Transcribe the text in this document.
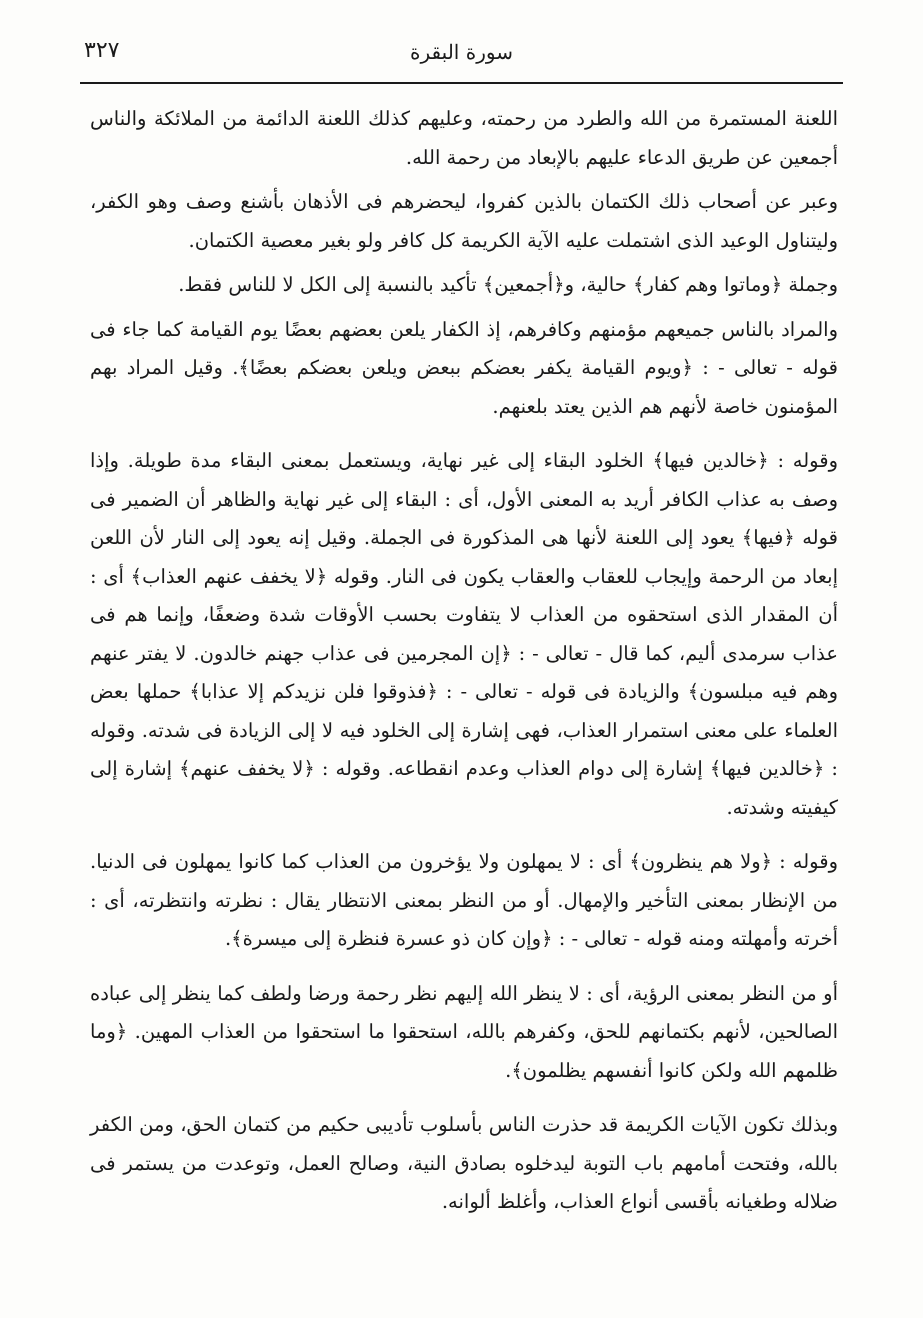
٣٢٧	سورة البقرة

اللعنة المستمرة من الله والطرد من رحمته، وعليهم كذلك اللعنة الدائمة من الملائكة والناس أجمعين عن طريق الدعاء عليهم بالإبعاد من رحمة الله.

وعبر عن أصحاب ذلك الكتمان بالذين كفروا، ليحضرهم فى الأذهان بأشنع وصف وهو الكفر، وليتناول الوعيد الذى اشتملت عليه الآية الكريمة كل كافر ولو بغير معصية الكتمان.

وجملة ﴿وماتوا وهم كفار﴾ حالية، و﴿أجمعين﴾ تأكيد بالنسبة إلى الكل لا للناس فقط.

والمراد بالناس جميعهم مؤمنهم وكافرهم، إذ الكفار يلعن بعضهم بعضًا يوم القيامة كما جاء فى قوله - تعالى - : ﴿ويوم القيامة يكفر بعضكم ببعض ويلعن بعضكم بعضًا﴾. وقيل المراد بهم المؤمنون خاصة لأنهم هم الذين يعتد بلعنهم.

وقوله : ﴿خالدين فيها﴾ الخلود البقاء إلى غير نهاية، ويستعمل بمعنى البقاء مدة طويلة. وإذا وصف به عذاب الكافر أريد به المعنى الأول، أى : البقاء إلى غير نهاية والظاهر أن الضمير فى قوله ﴿فيها﴾ يعود إلى اللعنة لأنها هى المذكورة فى الجملة. وقيل إنه يعود إلى النار لأن اللعن إبعاد من الرحمة وإيجاب للعقاب والعقاب يكون فى النار. وقوله ﴿لا يخفف عنهم العذاب﴾ أى : أن المقدار الذى استحقوه من العذاب لا يتفاوت بحسب الأوقات شدة وضعفًا، وإنما هم فى عذاب سرمدى أليم، كما قال - تعالى - : ﴿إن المجرمين فى عذاب جهنم خالدون. لا يفتر عنهم وهم فيه مبلسون﴾ والزيادة فى قوله - تعالى - : ﴿فذوقوا فلن نزيدكم إلا عذابا﴾ حملها بعض العلماء على معنى استمرار العذاب، فهى إشارة إلى الخلود فيه لا إلى الزيادة فى شدته. وقوله : ﴿خالدين فيها﴾ إشارة إلى دوام العذاب وعدم انقطاعه. وقوله : ﴿لا يخفف عنهم﴾ إشارة إلى كيفيته وشدته.

وقوله : ﴿ولا هم ينظرون﴾ أى : لا يمهلون ولا يؤخرون من العذاب كما كانوا يمهلون فى الدنيا. من الإنظار بمعنى التأخير والإمهال. أو من النظر بمعنى الانتظار يقال : نظرته وانتظرته، أى : أخرته وأمهلته ومنه قوله - تعالى - : ﴿وإن كان ذو عسرة فنظرة إلى ميسرة﴾.

أو من النظر بمعنى الرؤية، أى : لا ينظر الله إليهم نظر رحمة ورضا ولطف كما ينظر إلى عباده الصالحين، لأنهم بكتمانهم للحق، وكفرهم بالله، استحقوا ما استحقوا من العذاب المهين. ﴿وما ظلمهم الله ولكن كانوا أنفسهم يظلمون﴾.

وبذلك تكون الآيات الكريمة قد حذرت الناس بأسلوب تأديبى حكيم من كتمان الحق، ومن الكفر بالله، وفتحت أمامهم باب التوبة ليدخلوه بصادق النية، وصالح العمل، وتوعدت من يستمر فى ضلاله وطغيانه بأقسى أنواع العذاب، وأغلظ ألوانه.
